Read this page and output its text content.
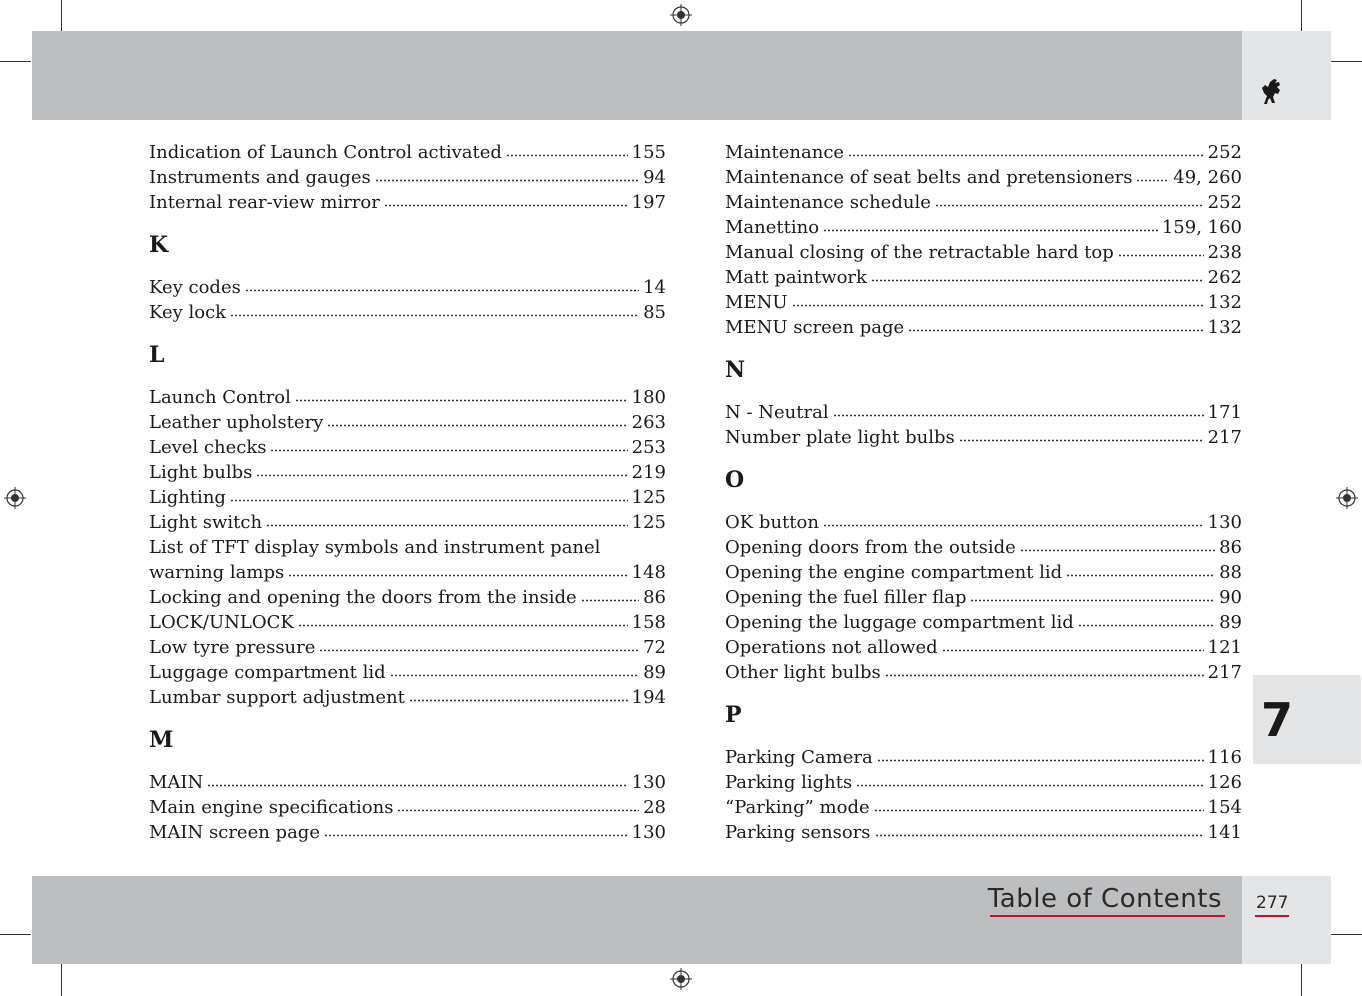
Indication of Launch Control activated	155
Instruments and gauges	94
Internal rear-view mirror	197
K
Key codes	14
Key lock	85
L
Launch Control	180
Leather upholstery	263
Level checks	253
Light bulbs	219
Lighting	125
Light switch	125
List of TFT display symbols and instrument panel
warning lamps	148
Locking and opening the doors from the inside	86
LOCK/UNLOCK	158
Low tyre pressure	72
Luggage compartment lid	89
Lumbar support adjustment	194
M
MAIN	130
Main engine specifications	28
MAIN screen page	130
Maintenance	252
Maintenance of seat belts and pretensioners 49, 260
Maintenance schedule	252
Manettino	159, 160
Manual closing of the retractable hard top	238
Matt paintwork	262
MENU	132
MENU screen page	132
N
N - Neutral	171
Number plate light bulbs	217
O
OK button	130
Opening doors from the outside	86
Opening the engine compartment lid	88
Opening the fuel filler flap	90
Opening the luggage compartment lid	89
Operations not allowed	121
Other light bulbs	217
P
Parking Camera	116
Parking lights	126
“Parking” mode	154
Parking sensors	141
7
Table of Contents 277
